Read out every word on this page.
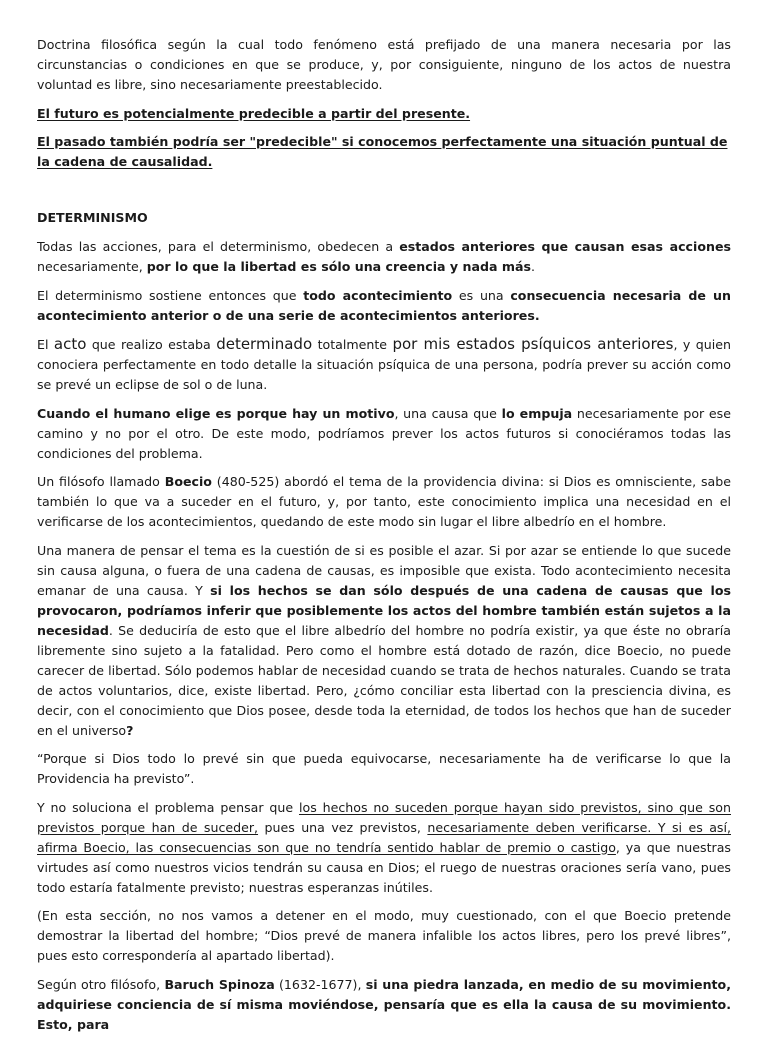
Doctrina filosófica según la cual todo fenómeno está prefijado de una manera necesaria por las circunstancias o condiciones en que se produce, y, por consiguiente, ninguno de los actos de nuestra voluntad es libre, sino necesariamente preestablecido.

El futuro es potencialmente predecible a partir del presente.

El pasado también podría ser "predecible" si conocemos perfectamente una situación puntual de la cadena de causalidad.

DETERMINISMO

Todas las acciones, para el determinismo, obedecen a estados anteriores que causan esas acciones necesariamente, por lo que la libertad es sólo una creencia y nada más.

El determinismo sostiene entonces que todo acontecimiento es una consecuencia necesaria de un acontecimiento anterior o de una serie de acontecimientos anteriores.

El acto que realizo estaba determinado totalmente por mis estados psíquicos anteriores, y quien conociera perfectamente en todo detalle la situación psíquica de una persona, podría prever su acción como se prevé un eclipse de sol o de luna.

Cuando el humano elige es porque hay un motivo, una causa que lo empuja necesariamente por ese camino y no por el otro. De este modo, podríamos prever los actos futuros si conociéramos todas las condiciones del problema.

Un filósofo llamado Boecio (480-525) abordó el tema de la providencia divina: si Dios es omnisciente, sabe también lo que va a suceder en el futuro, y, por tanto, este conocimiento implica una necesidad en el verificarse de los acontecimientos, quedando de este modo sin lugar el libre albedrío en el hombre.

Una manera de pensar el tema es la cuestión de si es posible el azar. Si por azar se entiende lo que sucede sin causa alguna, o fuera de una cadena de causas, es imposible que exista. Todo acontecimiento necesita emanar de una causa. Y si los hechos se dan sólo después de una cadena de causas que los provocaron, podríamos inferir que posiblemente los actos del hombre también están sujetos a la necesidad. Se deduciría de esto que el libre albedrío del hombre no podría existir, ya que éste no obraría libremente sino sujeto a la fatalidad. Pero como el hombre está dotado de razón, dice Boecio, no puede carecer de libertad. Sólo podemos hablar de necesidad cuando se trata de hechos naturales. Cuando se trata de actos voluntarios, dice, existe libertad. Pero, ¿cómo conciliar esta libertad con la presciencia divina, es decir, con el conocimiento que Dios posee, desde toda la eternidad, de todos los hechos que han de suceder en el universo?

“Porque si Dios todo lo prevé sin que pueda equivocarse, necesariamente ha de verificarse lo que la Providencia ha previsto”.

Y no soluciona el problema pensar que los hechos no suceden porque hayan sido previstos, sino que son previstos porque han de suceder, pues una vez previstos, necesariamente deben verificarse. Y si es así, afirma Boecio, las consecuencias son que no tendría sentido hablar de premio o castigo, ya que nuestras virtudes así como nuestros vicios tendrán su causa en Dios; el ruego de nuestras oraciones sería vano, pues todo estaría fatalmente previsto; nuestras esperanzas inútiles.

(En esta sección, no nos vamos a detener en el modo, muy cuestionado, con el que Boecio pretende demostrar la libertad del hombre; “Dios prevé de manera infalible los actos libres, pero los prevé libres”, pues esto correspondería al apartado libertad).

Según otro filósofo, Baruch Spinoza (1632-1677), si una piedra lanzada, en medio de su movimiento, adquiriese conciencia de sí misma moviéndose, pensaría que es ella la causa de su movimiento. Esto, para
